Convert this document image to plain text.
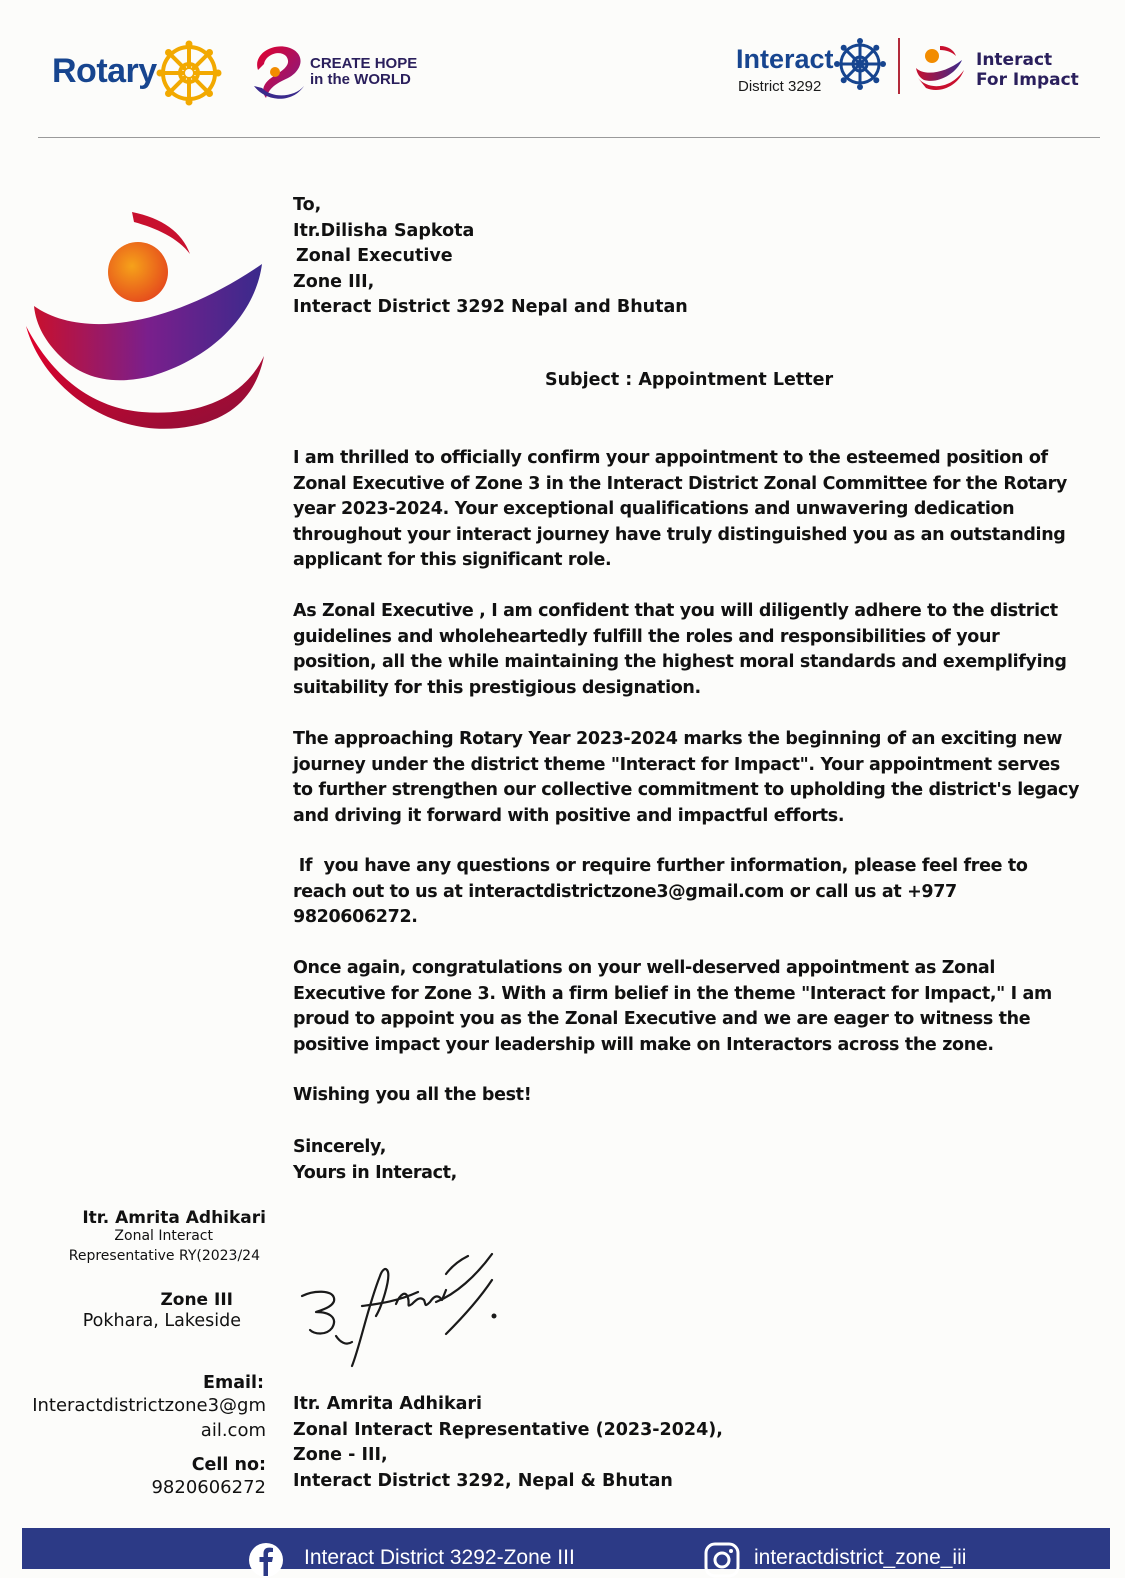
Rotary	CREATE HOPE
in the WORLD
Interact
District 3292
Interact
For Impact
To,
Itr.Dilisha Sapkota
Zonal Executive
Zone III,
Interact District 3292 Nepal and Bhutan
Subject : Appointment Letter
I am thrilled to officially confirm your appointment to the esteemed position of Zonal Executive of Zone 3 in the Interact District Zonal Committee for the Rotary year 2023-2024. Your exceptional qualifications and unwavering dedication throughout your interact journey have truly distinguished you as an outstanding applicant for this significant role.
As Zonal Executive , I am confident that you will diligently adhere to the district guidelines and wholeheartedly fulfill the roles and responsibilities of your position, all the while maintaining the highest moral standards and exemplifying suitability for this prestigious designation.
The approaching Rotary Year 2023-2024 marks the beginning of an exciting new journey under the district theme "Interact for Impact". Your appointment serves to further strengthen our collective commitment to upholding the district's legacy and driving it forward with positive and impactful efforts.
If  you have any questions or require further information, please feel free to reach out to us at interactdistrictzone3@gmail.com or call us at +977 9820606272.
Once again, congratulations on your well-deserved appointment as Zonal Executive for Zone 3. With a firm belief in the theme "Interact for Impact," I am proud to appoint you as the Zonal Executive and we are eager to witness the positive impact your leadership will make on Interactors across the zone.
Wishing you all the best!
Sincerely,
Yours in Interact,
Itr. Amrita Adhikari
Zonal Interact
Representative RY(2023/24
Zone III
Pokhara, Lakeside
Email:
Interactdistrictzone3@gm
ail.com
Cell no:
9820606272
Itr. Amrita Adhikari
Zonal Interact Representative (2023-2024),
Zone - III,
Interact District 3292, Nepal & Bhutan
Interact District 3292-Zone III	interactdistrict_zone_iii
